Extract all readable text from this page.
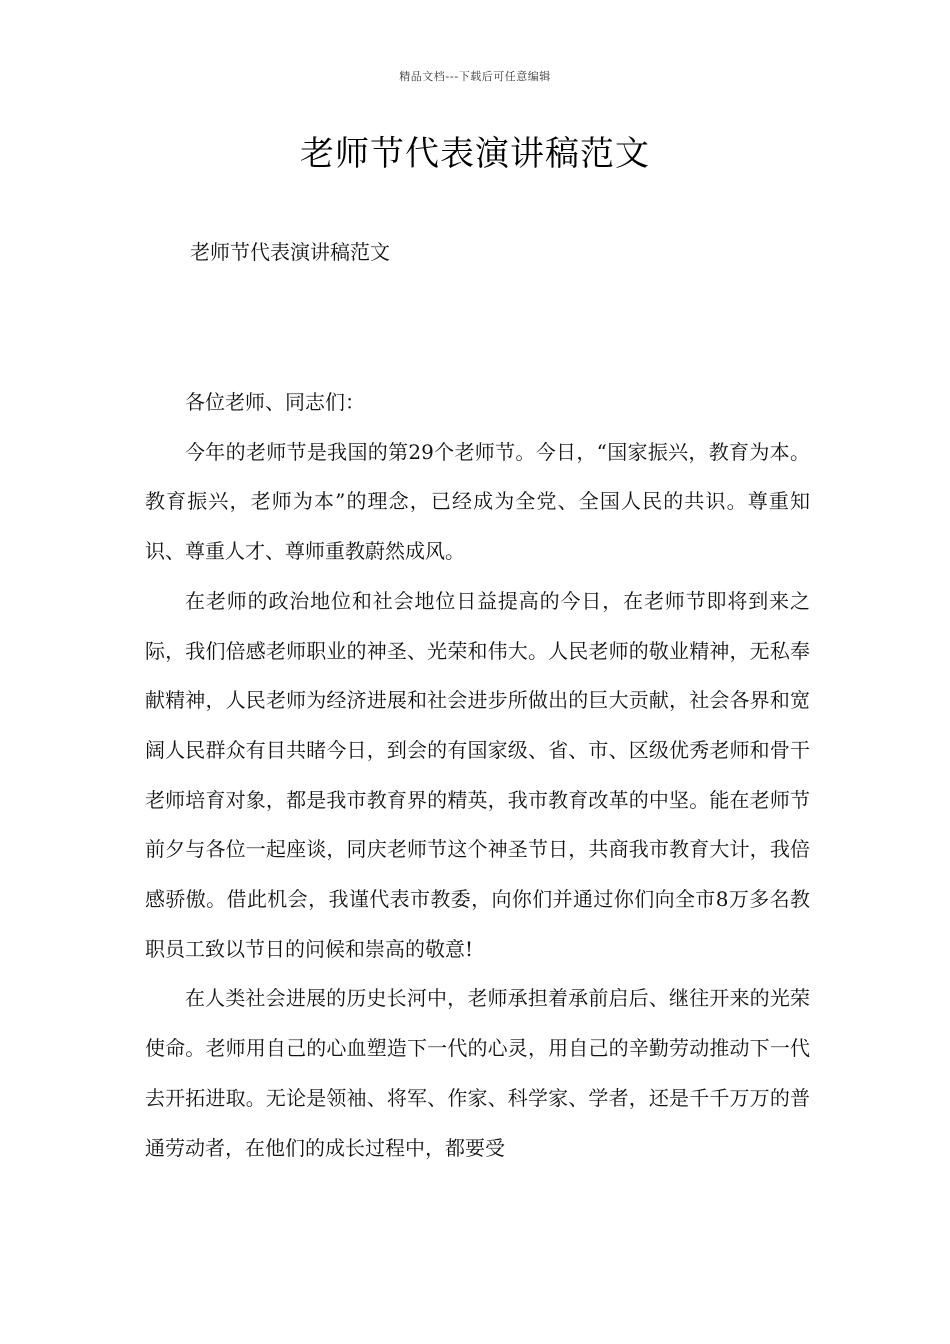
精品文档---下载后可任意编辑
老师节代表演讲稿范文
老师节代表演讲稿范文

各位老师、同志们：

今年的老师节是我国的第29个老师节。今日，“国家振兴，教育为本。教育振兴，老师为本”的理念，已经成为全党、全国人民的共识。尊重知识、尊重人才、尊师重教蔚然成风。

在老师的政治地位和社会地位日益提高的今日，在老师节即将到来之际，我们倍感老师职业的神圣、光荣和伟大。人民老师的敬业精神，无私奉献精神，人民老师为经济进展和社会进步所做出的巨大贡献，社会各界和宽阔人民群众有目共睹今日，到会的有国家级、省、市、区级优秀老师和骨干老师培育对象，都是我市教育界的精英，我市教育改革的中坚。能在老师节前夕与各位一起座谈，同庆老师节这个神圣节日，共商我市教育大计，我倍感骄傲。借此机会，我谨代表市教委，向你们并通过你们向全市8万多名教职员工致以节日的问候和崇高的敬意!

在人类社会进展的历史长河中，老师承担着承前启后、继往开来的光荣使命。老师用自己的心血塑造下一代的心灵，用自己的辛勤劳动推动下一代去开拓进取。无论是领袖、将军、作家、科学家、学者，还是千千万万的普通劳动者，在他们的成长过程中，都要受
